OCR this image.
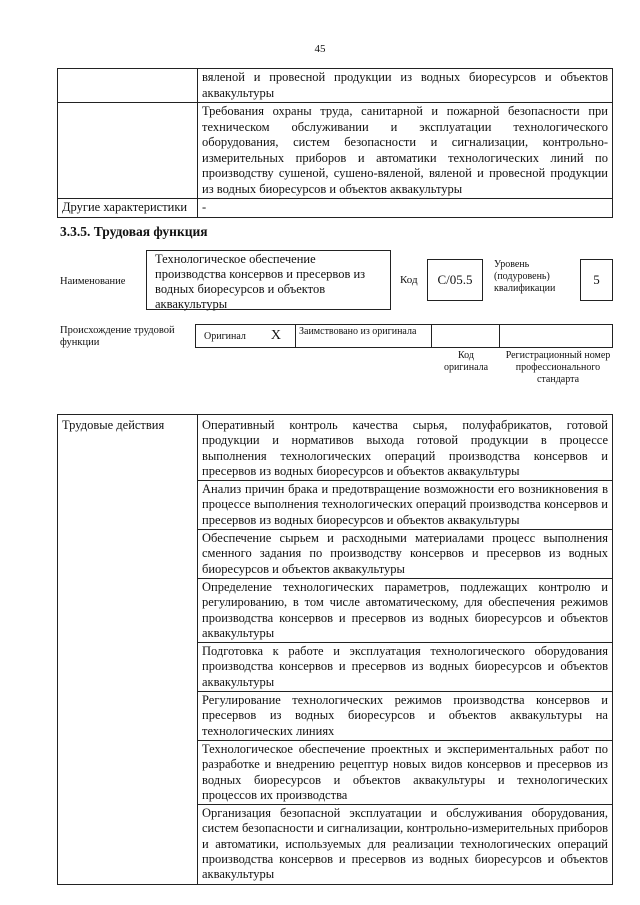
45
	вяленой и провесной продукции из водных биоресурсов и объектов аквакультуры
	Требования охраны труда, санитарной и пожарной безопасности при техническом обслуживании и эксплуатации технологического оборудования, систем безопасности и сигнализации, контрольно-измерительных приборов и автоматики технологических линий по производству сушеной, сушено-вяленой, вяленой и провесной продукции из водных биоресурсов и объектов аквакультуры
Другие характеристики	-
3.3.5. Трудовая функция
Наименование
Технологическое обеспечение производства консервов и пресервов из водных биоресурсов и объектов аквакультуры
Код	C/05.5
Уровень (подуровень) квалификации
5
Происхождение трудовой функции
Оригинал X	Заимствовано из оригинала
Код оригинала
Регистрационный номер профессионального стандарта
Трудовые действия	Оперативный контроль качества сырья, полуфабрикатов, готовой продукции и нормативов выхода готовой продукции в процессе выполнения технологических операций производства консервов и пресервов из водных биоресурсов и объектов аквакультуры
Анализ причин брака и предотвращение возможности его возникновения в процессе выполнения технологических операций производства консервов и пресервов из водных биоресурсов и объектов аквакультуры
Обеспечение сырьем и расходными материалами процесс выполнения сменного задания по производству консервов и пресервов из водных биоресурсов и объектов аквакультуры
Определение технологических параметров, подлежащих контролю и регулированию, в том числе автоматическому, для обеспечения режимов производства консервов и пресервов из водных биоресурсов и объектов аквакультуры
Подготовка к работе и эксплуатация технологического оборудования производства консервов и пресервов из водных биоресурсов и объектов аквакультуры
Регулирование технологических режимов производства консервов и пресервов из водных биоресурсов и объектов аквакультуры на технологических линиях
Технологическое обеспечение проектных и экспериментальных работ по разработке и внедрению рецептур новых видов консервов и пресервов из водных биоресурсов и объектов аквакультуры и технологических процессов их производства
Организация безопасной эксплуатации и обслуживания оборудования, систем безопасности и сигнализации, контрольно-измерительных приборов и автоматики, используемых для реализации технологических операций производства консервов и пресервов из водных биоресурсов и объектов аквакультуры
